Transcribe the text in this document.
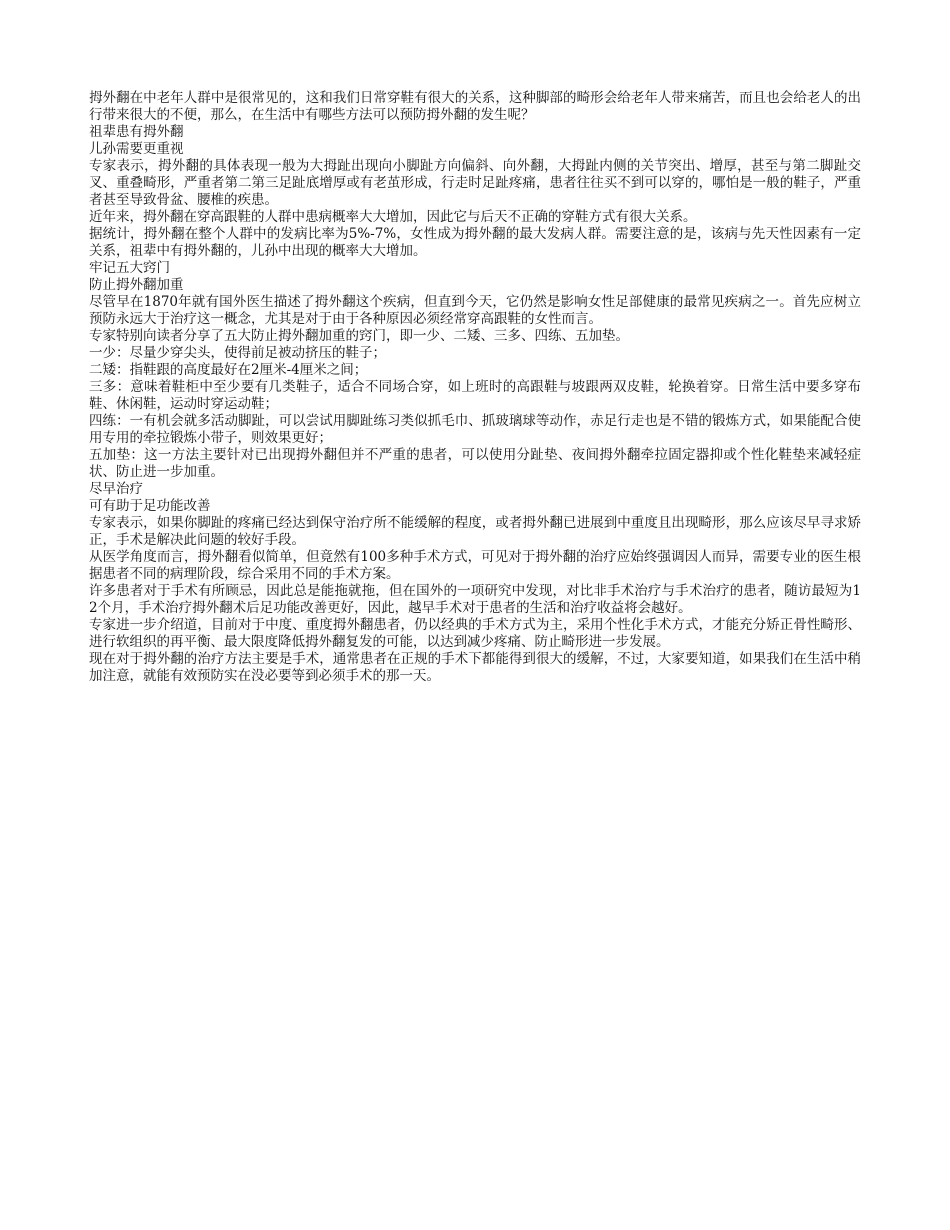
拇外翻在中老年人群中是很常见的，这和我们日常穿鞋有很大的关系，这种脚部的畸形会给老年人带来痛苦，而且也会给老人的出行带来很大的不便，那么，在生活中有哪些方法可以预防拇外翻的发生呢？

祖辈患有拇外翻

儿孙需要更重视

专家表示，拇外翻的具体表现一般为大拇趾出现向小脚趾方向偏斜、向外翻，大拇趾内侧的关节突出、增厚，甚至与第二脚趾交叉、重叠畸形，严重者第二第三足趾底增厚或有老茧形成，行走时足趾疼痛，患者往往买不到可以穿的，哪怕是一般的鞋子，严重者甚至导致骨盆、腰椎的疾患。

近年来，拇外翻在穿高跟鞋的人群中患病概率大大增加，因此它与后天不正确的穿鞋方式有很大关系。

据统计，拇外翻在整个人群中的发病比率为5%-7%，女性成为拇外翻的最大发病人群。需要注意的是，该病与先天性因素有一定关系，祖辈中有拇外翻的，儿孙中出现的概率大大增加。

牢记五大窍门

防止拇外翻加重

尽管早在1870年就有国外医生描述了拇外翻这个疾病，但直到今天，它仍然是影响女性足部健康的最常见疾病之一。首先应树立预防永远大于治疗这一概念，尤其是对于由于各种原因必须经常穿高跟鞋的女性而言。

专家特别向读者分享了五大防止拇外翻加重的窍门，即一少、二矮、三多、四练、五加垫。

一少：尽量少穿尖头，使得前足被动挤压的鞋子；

二矮：指鞋跟的高度最好在2厘米-4厘米之间；

三多：意味着鞋柜中至少要有几类鞋子，适合不同场合穿，如上班时的高跟鞋与坡跟两双皮鞋，轮换着穿。日常生活中要多穿布鞋、休闲鞋，运动时穿运动鞋；

四练：一有机会就多活动脚趾，可以尝试用脚趾练习类似抓毛巾、抓玻璃球等动作，赤足行走也是不错的锻炼方式，如果能配合使用专用的牵拉锻炼小带子，则效果更好；

五加垫：这一方法主要针对已出现拇外翻但并不严重的患者，可以使用分趾垫、夜间拇外翻牵拉固定器抑或个性化鞋垫来减轻症状、防止进一步加重。

尽早治疗

可有助于足功能改善

专家表示，如果你脚趾的疼痛已经达到保守治疗所不能缓解的程度，或者拇外翻已进展到中重度且出现畸形，那么应该尽早寻求矫正，手术是解决此问题的较好手段。

从医学角度而言，拇外翻看似简单，但竟然有100多种手术方式，可见对于拇外翻的治疗应始终强调因人而异，需要专业的医生根据患者不同的病理阶段，综合采用不同的手术方案。

许多患者对于手术有所顾忌，因此总是能拖就拖，但在国外的一项研究中发现，对比非手术治疗与手术治疗的患者，随访最短为12个月，手术治疗拇外翻术后足功能改善更好，因此，越早手术对于患者的生活和治疗收益将会越好。

专家进一步介绍道，目前对于中度、重度拇外翻患者，仍以经典的手术方式为主，采用个性化手术方式，才能充分矫正骨性畸形、进行软组织的再平衡、最大限度降低拇外翻复发的可能，以达到减少疼痛、防止畸形进一步发展。

现在对于拇外翻的治疗方法主要是手术，通常患者在正规的手术下都能得到很大的缓解，不过，大家要知道，如果我们在生活中稍加注意，就能有效预防实在没必要等到必须手术的那一天。
